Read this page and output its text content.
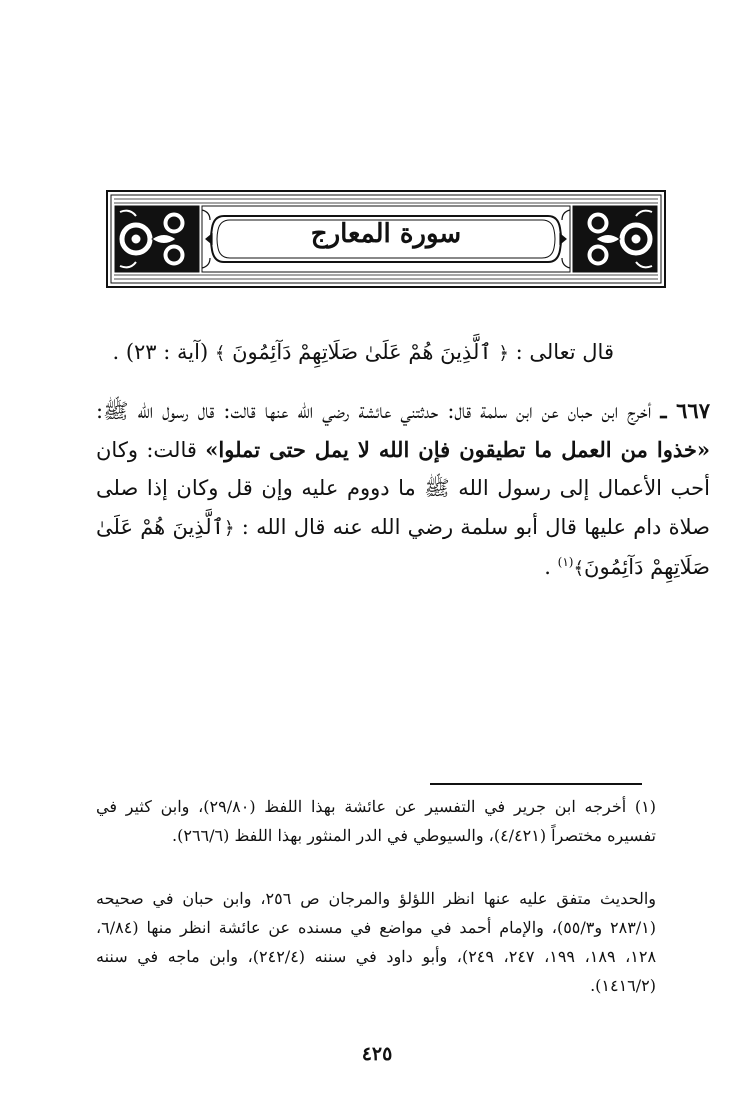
سورة المعارج
قال تعالى : ﴿ ٱلَّذِينَ هُمْ عَلَىٰ صَلَاتِهِمْ دَآئِمُونَ ﴾ (آية : ٢٣) .
٦٦٧ ـ أخرج ابن حبان عن ابن سلمة قال: حدثتني عائشة رضي الله عنها قالت: قال رسول الله ﷺ: «خذوا من العمل ما تطيقون فإن الله لا يمل حتى تملوا» قالت: وكان أحب الأعمال إلى رسول الله ﷺ ما دووم عليه وإن قل وكان إذا صلى صلاة دام عليها قال أبو سلمة رضي الله عنه قال الله : ﴿ٱلَّذِينَ هُمْ عَلَىٰ صَلَاتِهِمْ دَآئِمُونَ﴾$^{(١)}$ .
(١) أخرجه ابن جرير في التفسير عن عائشة بهذا اللفظ (٢٩/٨٠)، وابن كثير في تفسيره مختصراً (٤/٤٢١)، والسيوطي في الدر المنثور بهذا اللفظ (٢٦٦/٦).
والحديث متفق عليه عنها انظر اللؤلؤ والمرجان ص ٢٥٦، وابن حبان في صحيحه (٢٨٣/١ و٥٥/٣)، والإمام أحمد في مواضع في مسنده عن عائشة انظر منها (٦/٨٤، ١٢٨، ١٨٩، ١٩٩، ٢٤٧، ٢٤٩)، وأبو داود في سننه (٢٤٢/٤)، وابن ماجه في سننه (١٤١٦/٢).
٤٢٥
